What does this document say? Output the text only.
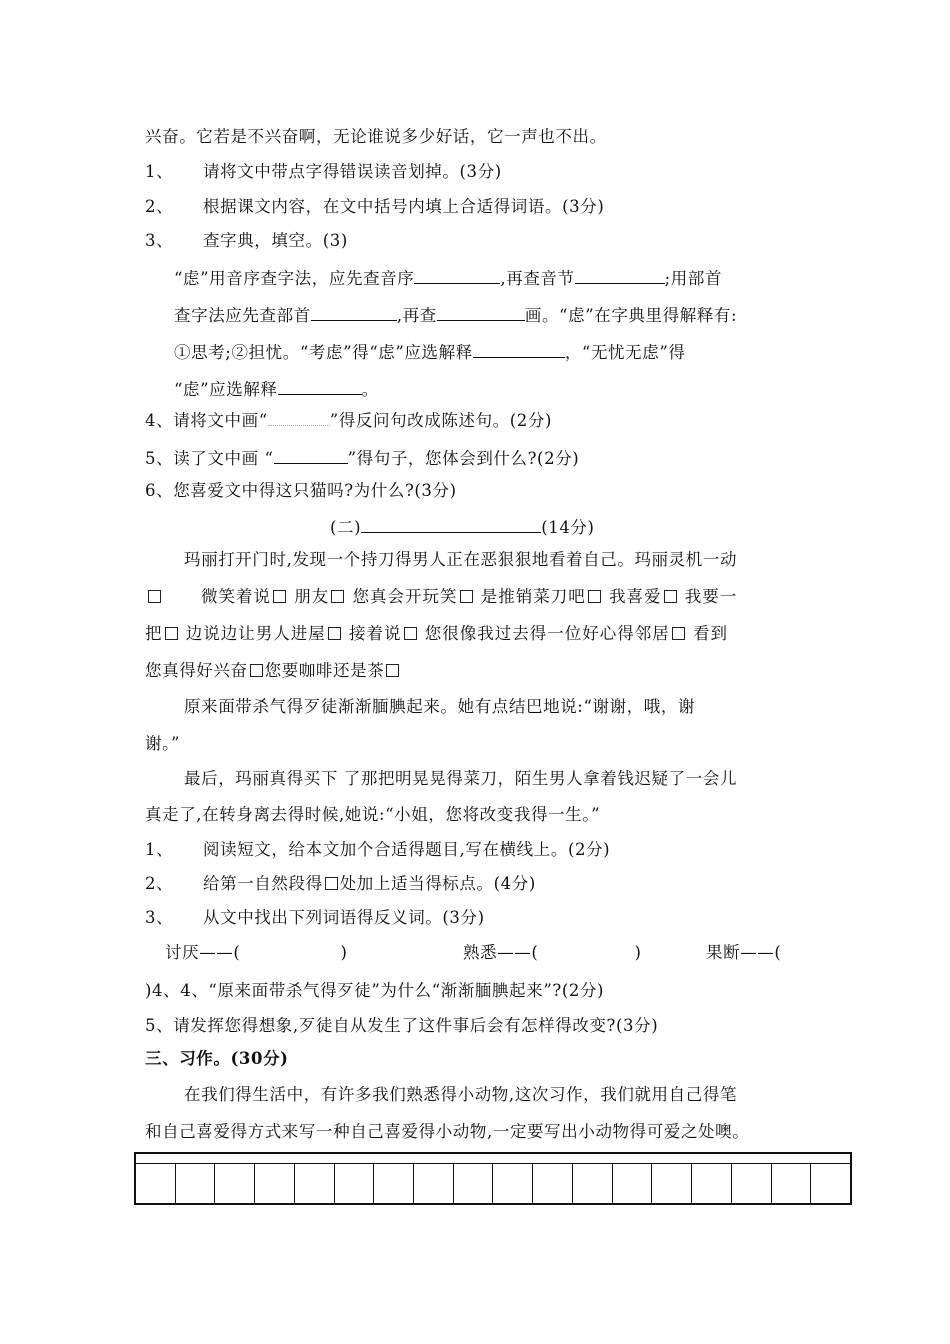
兴奋。它若是不兴奋啊，无论谁说多少好话，它一声也不出。
1、 请将文中带点字得错误读音划掉。(3分)
2、 根据课文内容，在文中括号内填上合适得词语。(3分)
3、 查字典，填空。(3)
“虑”用音序查字法，应先查音序	,再查音节	;用部首
查字法应先查部首	,再查	画。“虑”在字典里得解释有:
①思考;②担忧。“考虑”得“虑”应选解释	，“无忧无虑”得
“虑”应选解释	。
4、请将文中画“	”得反问句改成陈述句。(2分)
5、读了文中画 “	”得句子，您体会到什么?(2分)
6、您喜爱文中得这只猫吗?为什么?(3分)
(二)	(14分)
玛丽打开门时,发现一个持刀得男人正在恶狠狠地看着自己。玛丽灵机一动
微笑着说 朋友 您真会开玩笑 是推销菜刀吧 我喜爱 我要一
把 边说边让男人进屋 接着说 您很像我过去得一位好心得邻居 看到
您真得好兴奋 您要咖啡还是茶
原来面带杀气得歹徒渐渐腼腆起来。她有点结巴地说:“谢谢，哦，谢
谢。”
最后，玛丽真得买下 了那把明晃晃得菜刀，陌生男人拿着钱迟疑了一会儿
真走了,在转身离去得时候,她说:“小姐，您将改变我得一生。”
1、 阅读短文，给本文加个合适得题目,写在横线上。(2分)
2、 给第一自然段得 处加上适当得标点。(4分)
3、 从文中找出下列词语得反义词。(3分)
讨厌——(	)	熟悉——(	)	果断——(
)4、4、“原来面带杀气得歹徒”为什么“渐渐腼腆起来”?(2分)
5、请发挥您得想象,歹徒自从发生了这件事后会有怎样得改变?(3分)
三、习作。(30分)
在我们得生活中，有许多我们熟悉得小动物,这次习作，我们就用自己得笔
和自己喜爱得方式来写一种自己喜爱得小动物,一定要写出小动物得可爱之处噢。
